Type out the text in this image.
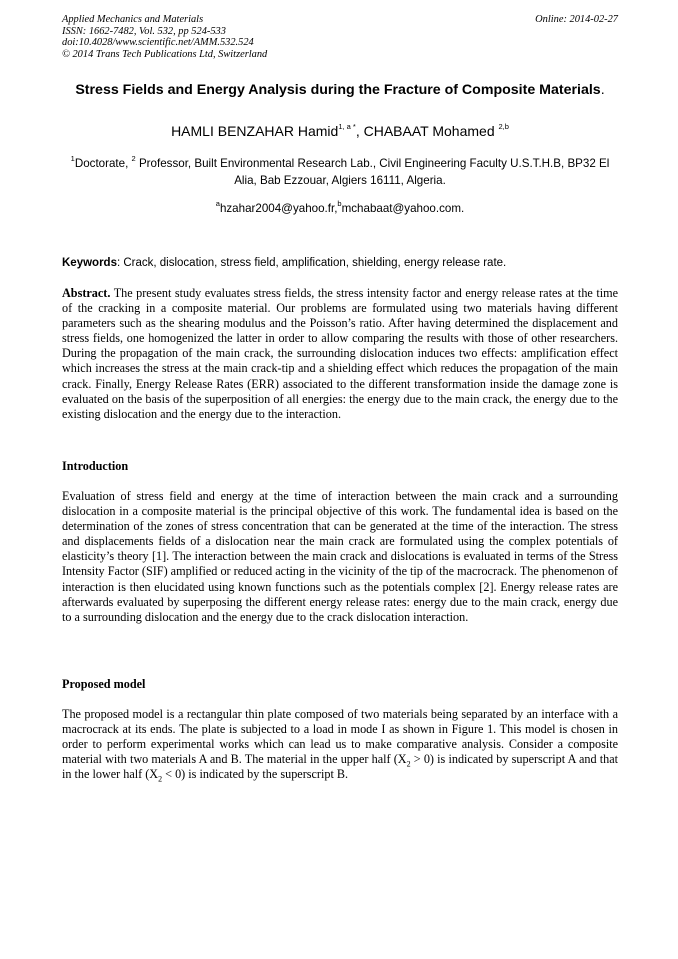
Applied Mechanics and Materials
ISSN: 1662-7482, Vol. 532, pp 524-533
doi:10.4028/www.scientific.net/AMM.532.524
© 2014 Trans Tech Publications Ltd, Switzerland
Online: 2014-02-27
Stress Fields and Energy Analysis during the Fracture of Composite Materials.
HAMLI BENZAHAR Hamid$^{1, a *}$, CHABAAT Mohamed $^{2,b}$
$^1$Doctorate, $^2$ Professor, Built Environmental Research Lab., Civil Engineering Faculty U.S.T.H.B, BP32 El Alia, Bab Ezzouar, Algiers 16111, Algeria.
$^a$hzahar2004@yahoo.fr,$^b$mchabaat@yahoo.com.
Keywords: Crack, dislocation, stress field, amplification, shielding, energy release rate.
Abstract. The present study evaluates stress fields, the stress intensity factor and energy release rates at the time of the cracking in a composite material. Our problems are formulated using two materials having different parameters such as the shearing modulus and the Poisson’s ratio. After having determined the displacement and stress fields, one homogenized the latter in order to allow comparing the results with those of other researchers. During the propagation of the main crack, the surrounding dislocation induces two effects: amplification effect which increases the stress at the main crack-tip and a shielding effect which reduces the propagation of the main crack. Finally, Energy Release Rates (ERR) associated to the different transformation inside the damage zone is evaluated on the basis of the superposition of all energies: the energy due to the main crack, the energy due to the existing dislocation and the energy due to the interaction.
Introduction
Evaluation of stress field and energy at the time of interaction between the main crack and a surrounding dislocation in a composite material is the principal objective of this work. The fundamental idea is based on the determination of the zones of stress concentration that can be generated at the time of the interaction. The stress and displacements fields of a dislocation near the main crack are formulated using the complex potentials of elasticity’s theory [1]. The interaction between the main crack and dislocations is evaluated in terms of the Stress Intensity Factor (SIF) amplified or reduced acting in the vicinity of the tip of the macrocrack. The phenomenon of interaction is then elucidated using known functions such as the potentials complex [2]. Energy release rates are afterwards evaluated by superposing the different energy release rates: energy due to the main crack, energy due to a surrounding dislocation and the energy due to the crack dislocation interaction.
Proposed model
The proposed model is a rectangular thin plate composed of two materials being separated by an interface with a macrocrack at its ends. The plate is subjected to a load in mode I as shown in Figure 1. This model is chosen in order to perform experimental works which can lead us to make comparative analysis. Consider a composite material with two materials A and B. The material in the upper half $(X_2 > 0)$ is indicated by superscript A and that in the lower half $(X_2 < 0)$ is indicated by the superscript B.
